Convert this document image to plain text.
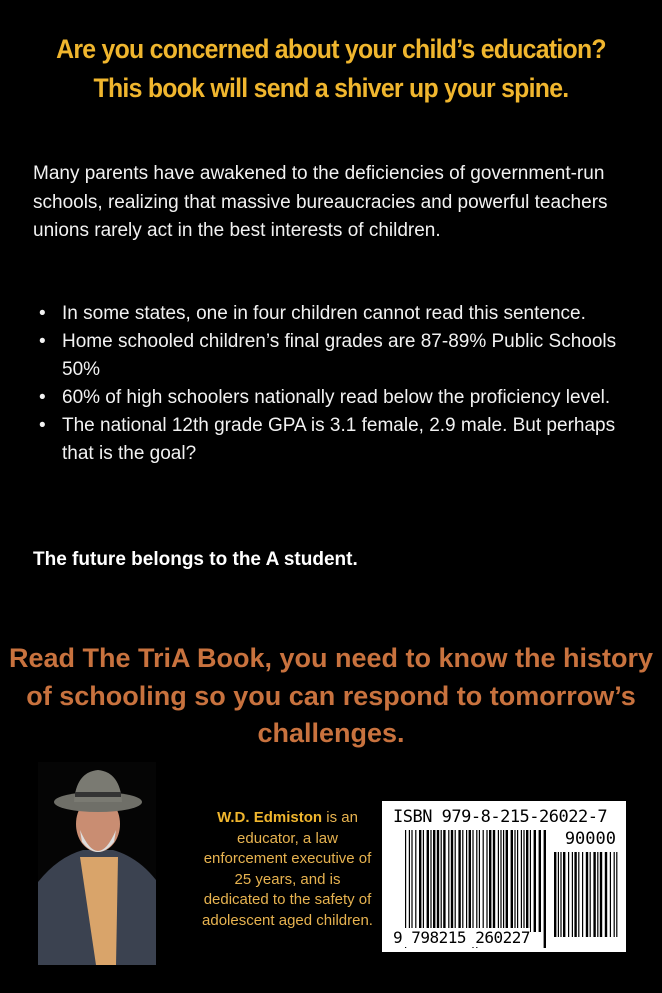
Are you concerned about your child’s education?
This book will send a shiver up your spine.

Many parents have awakened to the deficiencies of government-run schools, realizing that massive bureaucracies and powerful teachers unions rarely act in the best interests of children.

• In some states, one in four children cannot read this sentence.
• Home schooled children’s final grades are 87-89% Public Schools 50%
• 60% of high schoolers nationally read below the proficiency level.
• The national 12th grade GPA is 3.1 female, 2.9 male. But perhaps that is the goal?
The future belongs to the A student.
Read The TriA Book, you need to know the history of schooling so you can respond to tomorrow’s challenges.
W.D. Edmiston is an educator, a law enforcement executive of 25 years, and is dedicated to the safety of adolescent aged children.
ISBN 979-8-215-26022-7
90000
9 798215 260227
